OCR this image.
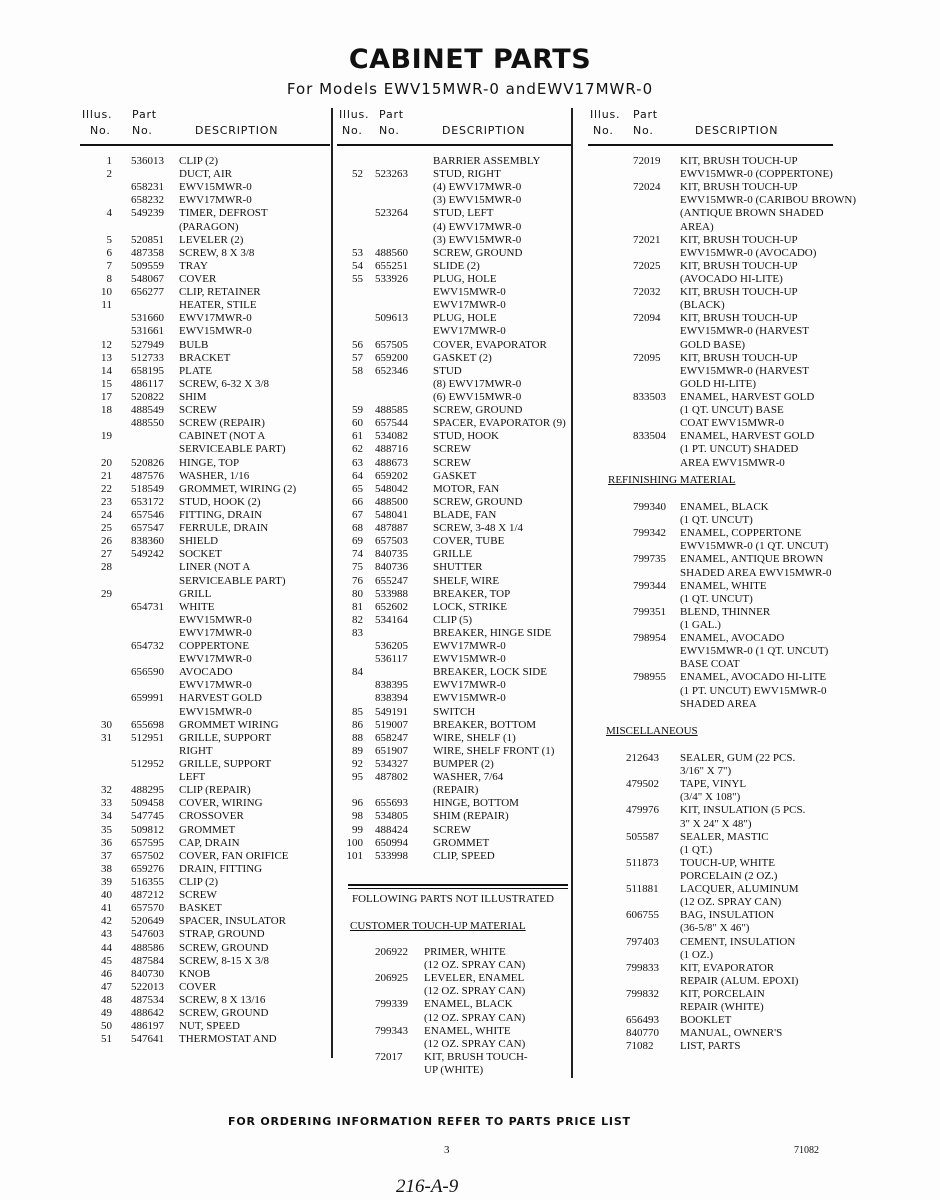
CABINET PARTS
For Models EWV15MWR-0 andEWV17MWR-0
Illus. Part
No. No.	DESCRIPTION
1 536013 CLIP (2)
2	DUCT, AIR
658231 EWV15MWR-0
658232 EWV17MWR-0
4 549239 TIMER, DEFROST
(PARAGON)
5 520851 LEVELER (2)
6 487358 SCREW, 8 X 3/8
7 509559 TRAY
8 548067 COVER
10 656277 CLIP, RETAINER
11	HEATER, STILE
531660 EWV17MWR-0
531661 EWV15MWR-0
12 527949 BULB
13 512733 BRACKET
14 658195 PLATE
15 486117 SCREW, 6-32 X 3/8
17 520822 SHIM
18 488549 SCREW
488550 SCREW (REPAIR)
19	CABINET (NOT A
SERVICEABLE PART)
20 520826 HINGE, TOP
21 487576 WASHER, 1/16
22 518549 GROMMET, WIRING (2)
23 653172 STUD, HOOK (2)
24 657546 FITTING, DRAIN
25 657547 FERRULE, DRAIN
26 838360 SHIELD
27 549242 SOCKET
28	LINER (NOT A
SERVICEABLE PART)
29	GRILL
654731 WHITE
EWV15MWR-0
EWV17MWR-0
654732 COPPERTONE
EWV17MWR-0
656590 AVOCADO
EWV17MWR-0
659991 HARVEST GOLD
EWV15MWR-0
30 655698 GROMMET WIRING
31 512951 GRILLE, SUPPORT
RIGHT
512952 GRILLE, SUPPORT
LEFT
32 488295 CLIP (REPAIR)
33 509458 COVER, WIRING
34 547745 CROSSOVER
35 509812 GROMMET
36 657595 CAP, DRAIN
37 657502 COVER, FAN ORIFICE
38 659276 DRAIN, FITTING
39 516355 CLIP (2)
40 487212 SCREW
41 657570 BASKET
42 520649 SPACER, INSULATOR
43 547603 STRAP, GROUND
44 488586 SCREW, GROUND
45 487584 SCREW, 8-15 X 3/8
46 840730 KNOB
47 522013 COVER
48 487534 SCREW, 8 X 13/16
49 488642 SCREW, GROUND
50 486197 NUT, SPEED
51 547641 THERMOSTAT AND
Illus. Part
No. No.	DESCRIPTION
BARRIER ASSEMBLY
52 523263 STUD, RIGHT
(4) EWV17MWR-0
(3) EWV15MWR-0
523264 STUD, LEFT
(4) EWV17MWR-0
(3) EWV15MWR-0
53 488560 SCREW, GROUND
54 655251 SLIDE (2)
55 533926 PLUG, HOLE
EWV15MWR-0
EWV17MWR-0
509613 PLUG, HOLE
EWV17MWR-0
56 657505 COVER, EVAPORATOR
57 659200 GASKET (2)
58 652346 STUD
(8) EWV17MWR-0
(6) EWV15MWR-0
59 488585 SCREW, GROUND
60 657544 SPACER, EVAPORATOR (9)
61 534082 STUD, HOOK
62 488716 SCREW
63 488673 SCREW
64 659202 GASKET
65 548042 MOTOR, FAN
66 488500 SCREW, GROUND
67 548041 BLADE, FAN
68 487887 SCREW, 3-48 X 1/4
69 657503 COVER, TUBE
74 840735 GRILLE
75 840736 SHUTTER
76 655247 SHELF, WIRE
80 533988 BREAKER, TOP
81 652602 LOCK, STRIKE
82 534164 CLIP (5)
83	BREAKER, HINGE SIDE
536205 EWV17MWR-0
536117 EWV15MWR-0
84	BREAKER, LOCK SIDE
838395 EWV17MWR-0
838394 EWV15MWR-0
85 549191 SWITCH
86 519007 BREAKER, BOTTOM
88 658247 WIRE, SHELF (1)
89 651907 WIRE, SHELF FRONT (1)
92 534327 BUMPER (2)
95 487802 WASHER, 7/64
(REPAIR)
96 655693 HINGE, BOTTOM
98 534805 SHIM (REPAIR)
99 488424 SCREW
100 650994 GROMMET
101 533998 CLIP, SPEED
FOLLOWING PARTS NOT ILLUSTRATED
CUSTOMER TOUCH-UP MATERIAL
206922 PRIMER, WHITE
(12 OZ. SPRAY CAN)
206925 LEVELER, ENAMEL
(12 OZ. SPRAY CAN)
799339 ENAMEL, BLACK
(12 OZ. SPRAY CAN)
799343 ENAMEL, WHITE
(12 OZ. SPRAY CAN)
72017 KIT, BRUSH TOUCH-
UP (WHITE)
Illus. Part
No. No.	DESCRIPTION
72019 KIT, BRUSH TOUCH-UP
EWV15MWR-0 (COPPERTONE)
72024 KIT, BRUSH TOUCH-UP
EWV15MWR-0 (CARIBOU BROWN)
(ANTIQUE BROWN SHADED
AREA)
72021 KIT, BRUSH TOUCH-UP
EWV15MWR-0 (AVOCADO)
72025 KIT, BRUSH TOUCH-UP
(AVOCADO HI-LITE)
72032 KIT, BRUSH TOUCH-UP
(BLACK)
72094 KIT, BRUSH TOUCH-UP
EWV15MWR-0 (HARVEST
GOLD BASE)
72095 KIT, BRUSH TOUCH-UP
EWV15MWR-0 (HARVEST
GOLD HI-LITE)
833503 ENAMEL, HARVEST GOLD
(1 QT. UNCUT) BASE
COAT EWV15MWR-0
833504 ENAMEL, HARVEST GOLD
(1 PT. UNCUT) SHADED
AREA EWV15MWR-0
REFINISHING MATERIAL
799340 ENAMEL, BLACK
(1 QT. UNCUT)
799342 ENAMEL, COPPERTONE
EWV15MWR-0 (1 QT. UNCUT)
799735 ENAMEL, ANTIQUE BROWN
SHADED AREA EWV15MWR-0
799344 ENAMEL, WHITE
(1 QT. UNCUT)
799351 BLEND, THINNER
(1 GAL.)
798954 ENAMEL, AVOCADO
EWV15MWR-0 (1 QT. UNCUT)
BASE COAT
798955 ENAMEL, AVOCADO HI-LITE
(1 PT. UNCUT) EWV15MWR-0
SHADED AREA
MISCELLANEOUS
212643 SEALER, GUM (22 PCS.
3/16" X 7")
479502 TAPE, VINYL
(3/4" X 108")
479976 KIT, INSULATION (5 PCS.
3" X 24" X 48")
505587 SEALER, MASTIC
(1 QT.)
511873 TOUCH-UP, WHITE
PORCELAIN (2 OZ.)
511881 LACQUER, ALUMINUM
(12 OZ. SPRAY CAN)
606755 BAG, INSULATION
(36-5/8" X 46")
797403 CEMENT, INSULATION
(1 OZ.)
799833 KIT, EVAPORATOR
REPAIR (ALUM. EPOXI)
799832 KIT, PORCELAIN
REPAIR (WHITE)
656493 BOOKLET
840770 MANUAL, OWNER'S
71082 LIST, PARTS
FOR ORDERING INFORMATION REFER TO PARTS PRICE LIST
3	71082
216-A-9
